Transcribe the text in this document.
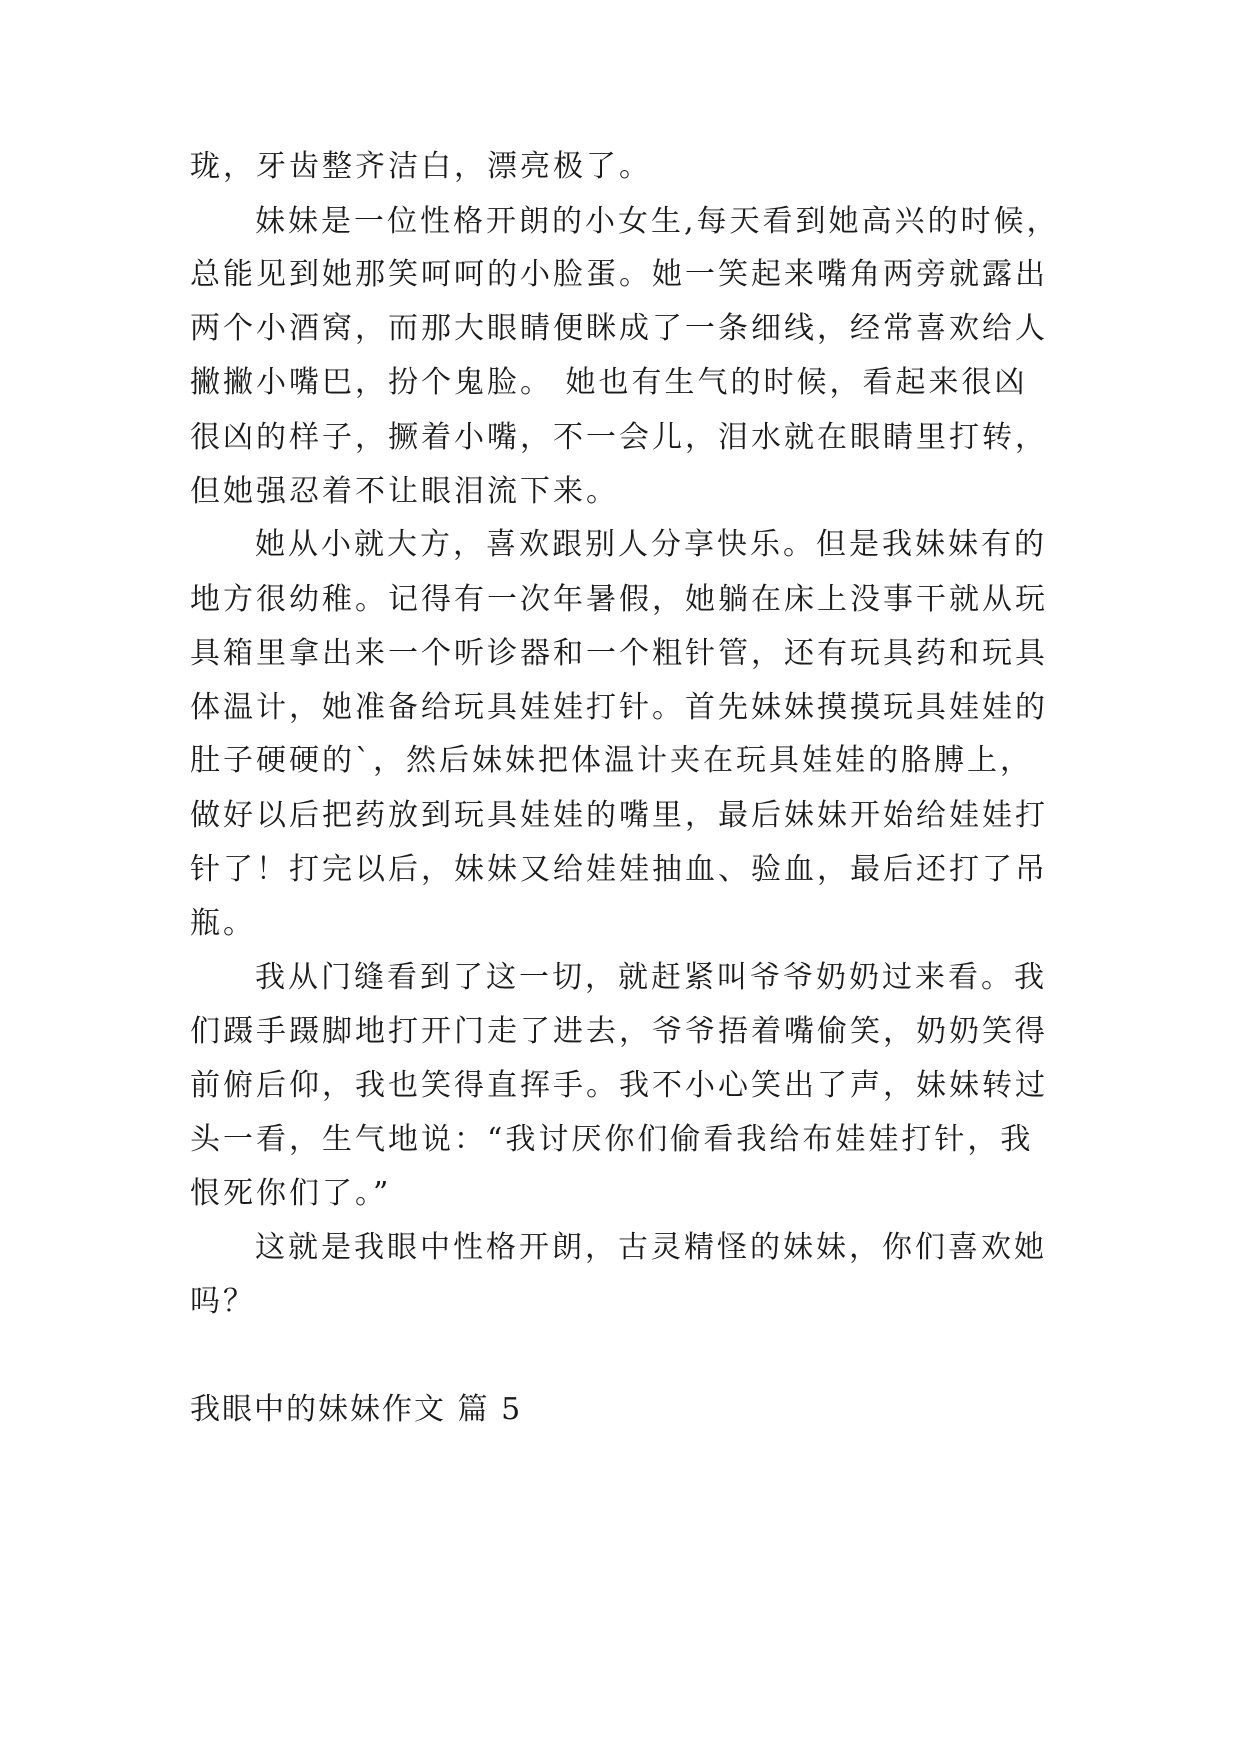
珑，牙齿整齐洁白，漂亮极了。
妹妹是一位性格开朗的小女生,每天看到她高兴的时候，
总能见到她那笑呵呵的小脸蛋。她一笑起来嘴角两旁就露出
两个小酒窝，而那大眼睛便眯成了一条细线，经常喜欢给人
撇撇小嘴巴，扮个鬼脸。 她也有生气的时候，看起来很凶
很凶的样子，撅着小嘴，不一会儿，泪水就在眼睛里打转，
但她强忍着不让眼泪流下来。
她从小就大方，喜欢跟别人分享快乐。但是我妹妹有的
地方很幼稚。记得有一次年暑假，她躺在床上没事干就从玩
具箱里拿出来一个听诊器和一个粗针管，还有玩具药和玩具
体温计，她准备给玩具娃娃打针。首先妹妹摸摸玩具娃娃的
肚子硬硬的`，然后妹妹把体温计夹在玩具娃娃的胳膊上，
做好以后把药放到玩具娃娃的嘴里，最后妹妹开始给娃娃打
针了！打完以后，妹妹又给娃娃抽血、验血，最后还打了吊
瓶。
我从门缝看到了这一切，就赶紧叫爷爷奶奶过来看。我
们蹑手蹑脚地打开门走了进去，爷爷捂着嘴偷笑，奶奶笑得
前俯后仰，我也笑得直挥手。我不小心笑出了声，妹妹转过
头一看，生气地说：“我讨厌你们偷看我给布娃娃打针，我
恨死你们了。”
这就是我眼中性格开朗，古灵精怪的妹妹，你们喜欢她
吗？
我眼中的妹妹作文 篇 5
